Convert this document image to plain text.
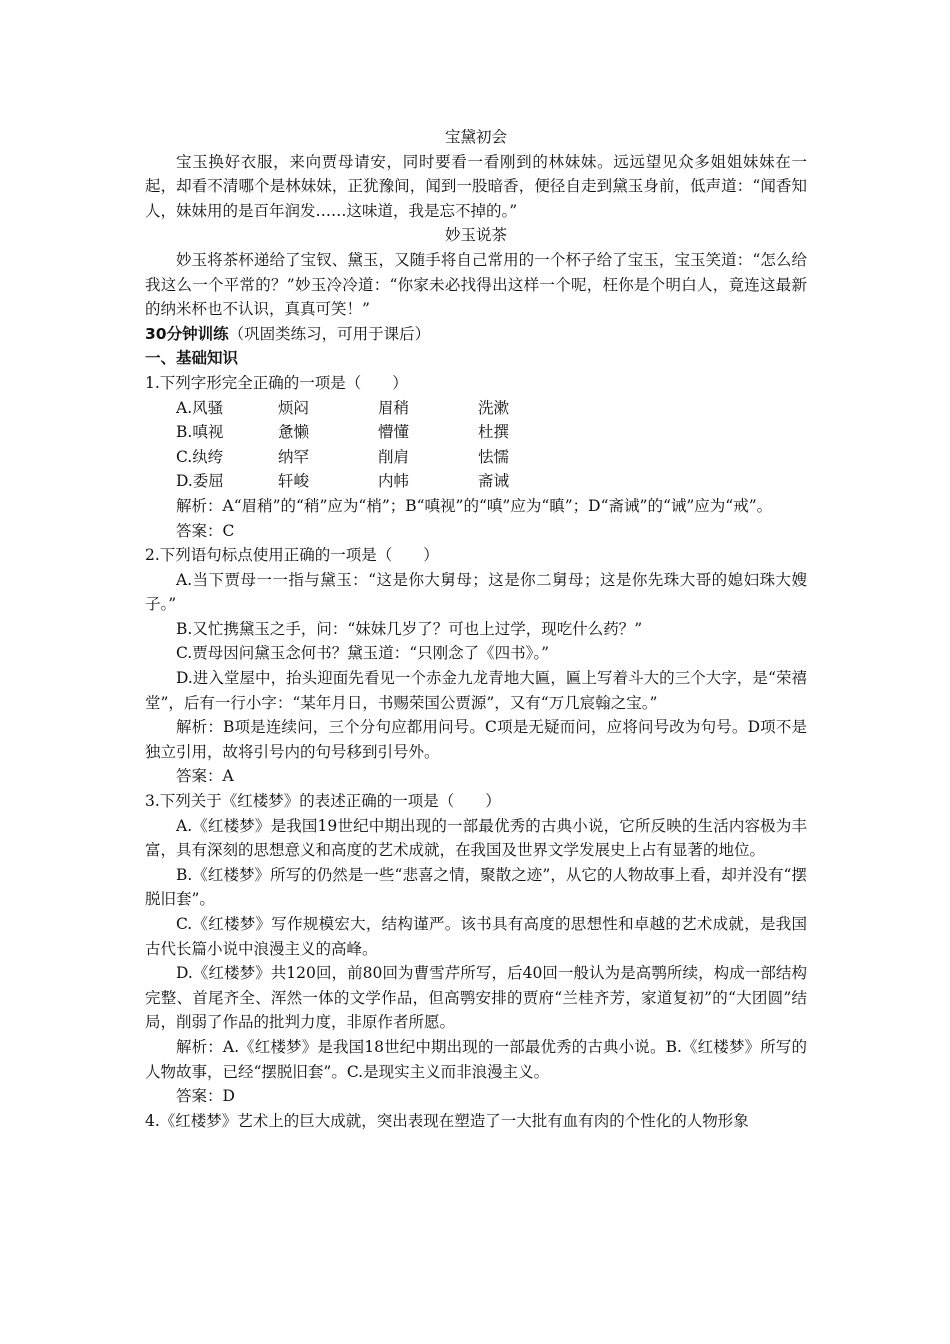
宝黛初会
宝玉换好衣服，来向贾母请安，同时要看一看刚到的林妹妹。远远望见众多姐姐妹妹在一起，却看不清哪个是林妹妹，正犹豫间，闻到一股暗香，便径自走到黛玉身前，低声道：“闻香知人，妹妹用的是百年润发……这味道，我是忘不掉的。”
妙玉说茶
妙玉将茶杯递给了宝钗、黛玉，又随手将自己常用的一个杯子给了宝玉，宝玉笑道：“怎么给我这么一个平常的？”妙玉冷冷道：“你家未必找得出这样一个呢，枉你是个明白人，竟连这最新的纳米杯也不认识，真真可笑！”
30分钟训练（巩固类练习，可用于课后）
一、基础知识
1.下列字形完全正确的一项是（　　）
A.风骚	烦闷	眉稍	洗漱
B.嗔视	惫懒	懵懂	杜撰
C.纨绔	纳罕	削肩	怯懦
D.委屈	轩峻	内帏	斋诫
解析：A“眉稍”的“稍”应为“梢”；B“嗔视”的“嗔”应为“瞋”；D“斋诫”的“诫”应为“戒”。
答案：C
2.下列语句标点使用正确的一项是（　　）
A.当下贾母一一指与黛玉：“这是你大舅母；这是你二舅母；这是你先珠大哥的媳妇珠大嫂子。”
B.又忙携黛玉之手，问：“妹妹几岁了？可也上过学，现吃什么药？”
C.贾母因问黛玉念何书？黛玉道：“只刚念了《四书》。”
D.进入堂屋中，抬头迎面先看见一个赤金九龙青地大匾，匾上写着斗大的三个大字，是“荣禧堂”，后有一行小字：“某年月日，书赐荣国公贾源”，又有“万几宸翰之宝。”
解析：B项是连续问，三个分句应都用问号。C项是无疑而问，应将问号改为句号。D项不是独立引用，故将引号内的句号移到引号外。
答案：A
3.下列关于《红楼梦》的表述正确的一项是（　　）
A.《红楼梦》是我国19世纪中期出现的一部最优秀的古典小说，它所反映的生活内容极为丰富，具有深刻的思想意义和高度的艺术成就，在我国及世界文学发展史上占有显著的地位。
B.《红楼梦》所写的仍然是一些“悲喜之情，聚散之迹”，从它的人物故事上看，却并没有“摆脱旧套”。
C.《红楼梦》写作规模宏大，结构谨严。该书具有高度的思想性和卓越的艺术成就，是我国古代长篇小说中浪漫主义的高峰。
D.《红楼梦》共120回，前80回为曹雪芹所写，后40回一般认为是高鹗所续，构成一部结构完整、首尾齐全、浑然一体的文学作品，但高鹗安排的贾府“兰桂齐芳，家道复初”的“大团圆”结局，削弱了作品的批判力度，非原作者所愿。
解析：A.《红楼梦》是我国18世纪中期出现的一部最优秀的古典小说。B.《红楼梦》所写的人物故事，已经“摆脱旧套”。C.是现实主义而非浪漫主义。
答案：D
4.《红楼梦》艺术上的巨大成就，突出表现在塑造了一大批有血有肉的个性化的人物形象
